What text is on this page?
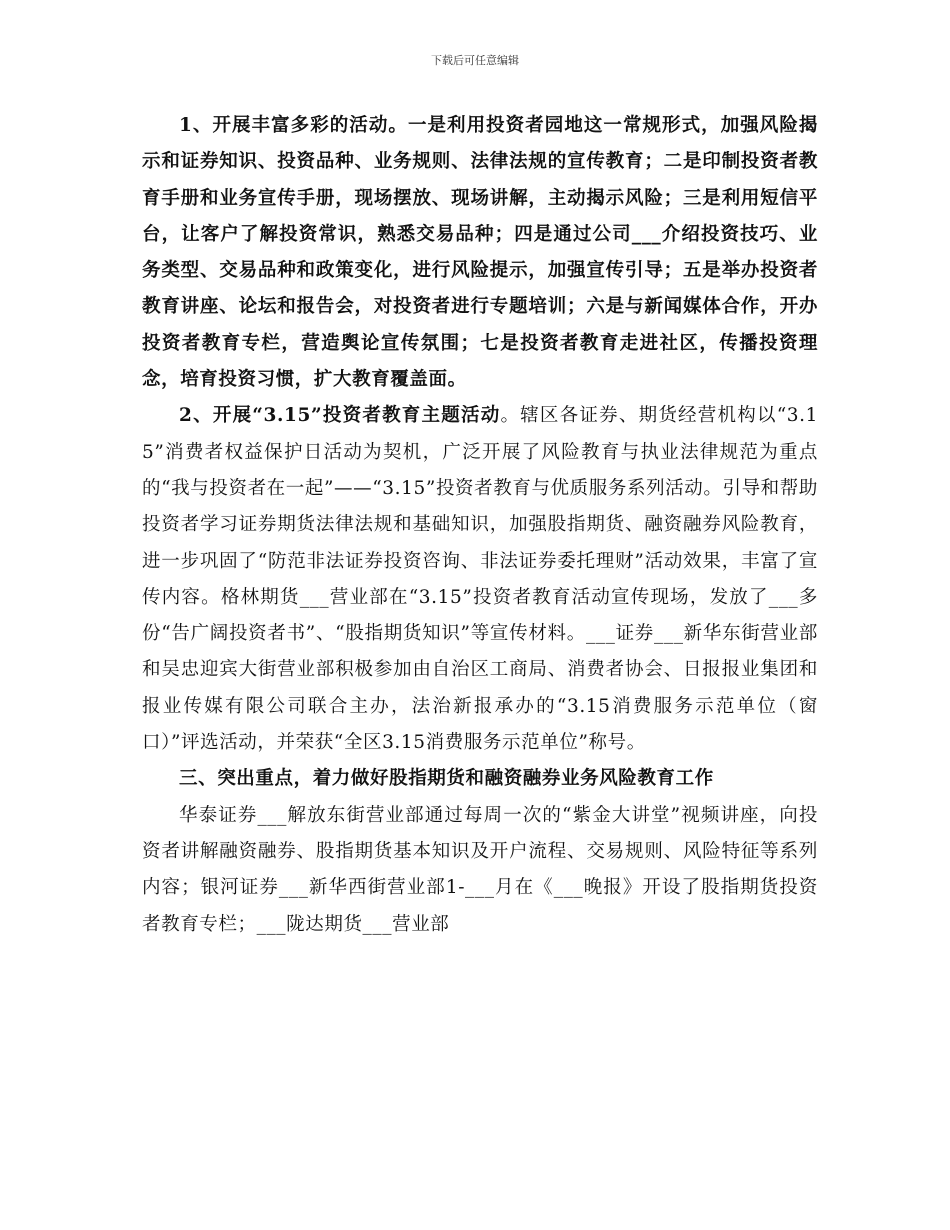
下载后可任意编辑

1、开展丰富多彩的活动。一是利用投资者园地这一常规形式，加强风险揭示和证券知识、投资品种、业务规则、法律法规的宣传教育；二是印制投资者教育手册和业务宣传手册，现场摆放、现场讲解，主动揭示风险；三是利用短信平台，让客户了解投资常识，熟悉交易品种；四是通过公司___介绍投资技巧、业务类型、交易品种和政策变化，进行风险提示，加强宣传引导；五是举办投资者教育讲座、论坛和报告会，对投资者进行专题培训；六是与新闻媒体合作，开办投资者教育专栏，营造舆论宣传氛围；七是投资者教育走进社区，传播投资理念，培育投资习惯，扩大教育覆盖面。

2、开展“3.15”投资者教育主题活动。辖区各证券、期货经营机构以“3.15”消费者权益保护日活动为契机，广泛开展了风险教育与执业法律规范为重点的“我与投资者在一起”——“3.15”投资者教育与优质服务系列活动。引导和帮助投资者学习证券期货法律法规和基础知识，加强股指期货、融资融券风险教育，进一步巩固了“防范非法证券投资咨询、非法证券委托理财”活动效果，丰富了宣传内容。格林期货___营业部在“3.15”投资者教育活动宣传现场，发放了___多份“告广阔投资者书”、“股指期货知识”等宣传材料。___证券___新华东街营业部和吴忠迎宾大街营业部积极参加由自治区工商局、消费者协会、日报报业集团和报业传媒有限公司联合主办，法治新报承办的“3.15消费服务示范单位（窗口）”评选活动，并荣获“全区3.15消费服务示范单位”称号。

三、突出重点，着力做好股指期货和融资融券业务风险教育工作

华泰证券___解放东街营业部通过每周一次的“紫金大讲堂”视频讲座，向投资者讲解融资融券、股指期货基本知识及开户流程、交易规则、风险特征等系列内容；银河证券___新华西街营业部1-___月在《___晚报》开设了股指期货投资者教育专栏；___陇达期货___营业部
